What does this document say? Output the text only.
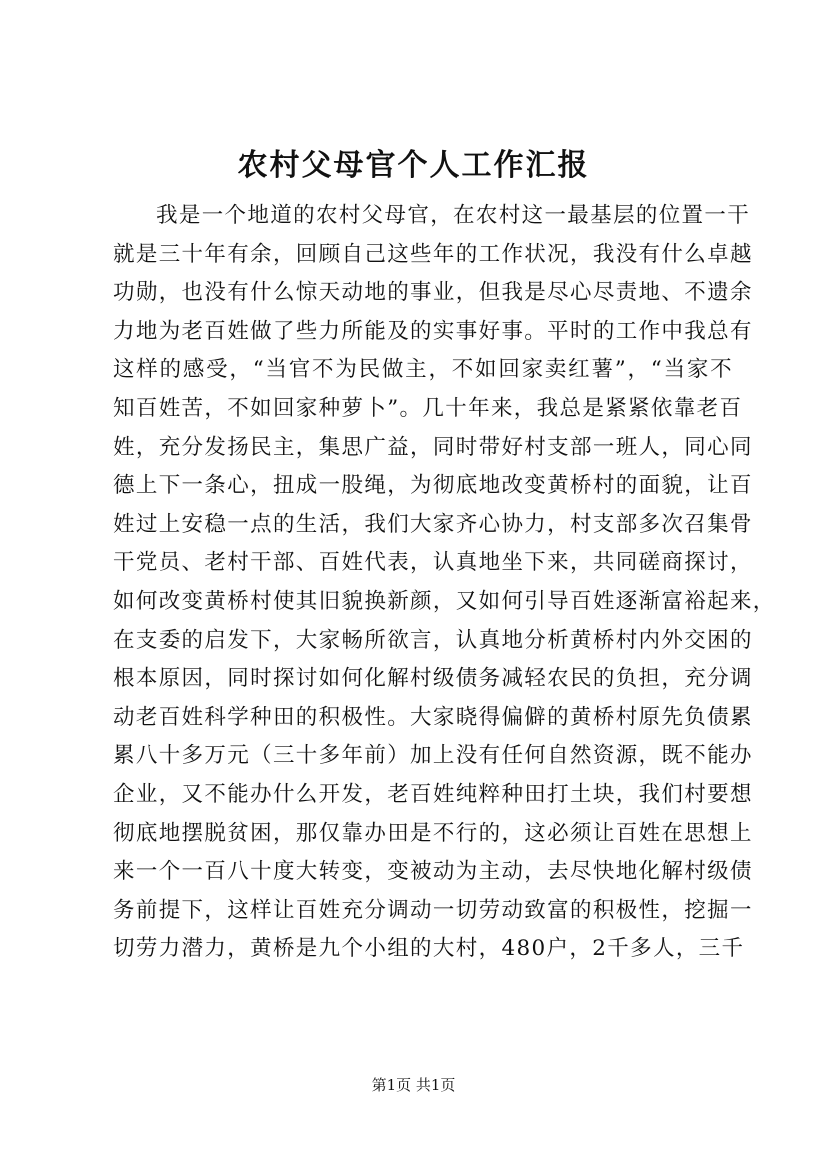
农村父母官个人工作汇报
我是一个地道的农村父母官，在农村这一最基层的位置一干
就是三十年有余，回顾自己这些年的工作状况，我没有什么卓越
功勋，也没有什么惊天动地的事业，但我是尽心尽责地、不遗余
力地为老百姓做了些力所能及的实事好事。平时的工作中我总有
这样的感受，“当官不为民做主，不如回家卖红薯”，“当家不
知百姓苦，不如回家种萝卜”。几十年来，我总是紧紧依靠老百
姓，充分发扬民主，集思广益，同时带好村支部一班人，同心同
德上下一条心，扭成一股绳，为彻底地改变黄桥村的面貌，让百
姓过上安稳一点的生活，我们大家齐心协力，村支部多次召集骨
干党员、老村干部、百姓代表，认真地坐下来，共同磋商探讨，
如何改变黄桥村使其旧貌换新颜，又如何引导百姓逐渐富裕起来，
在支委的启发下，大家畅所欲言，认真地分析黄桥村内外交困的
根本原因，同时探讨如何化解村级债务减轻农民的负担，充分调
动老百姓科学种田的积极性。大家晓得偏僻的黄桥村原先负债累
累八十多万元（三十多年前）加上没有任何自然资源，既不能办
企业，又不能办什么开发，老百姓纯粹种田打土块，我们村要想
彻底地摆脱贫困，那仅靠办田是不行的，这必须让百姓在思想上
来一个一百八十度大转变，变被动为主动，去尽快地化解村级债
务前提下，这样让百姓充分调动一切劳动致富的积极性，挖掘一
切劳力潜力，黄桥是九个小组的大村，480户，2千多人，三千
第1页 共1页
